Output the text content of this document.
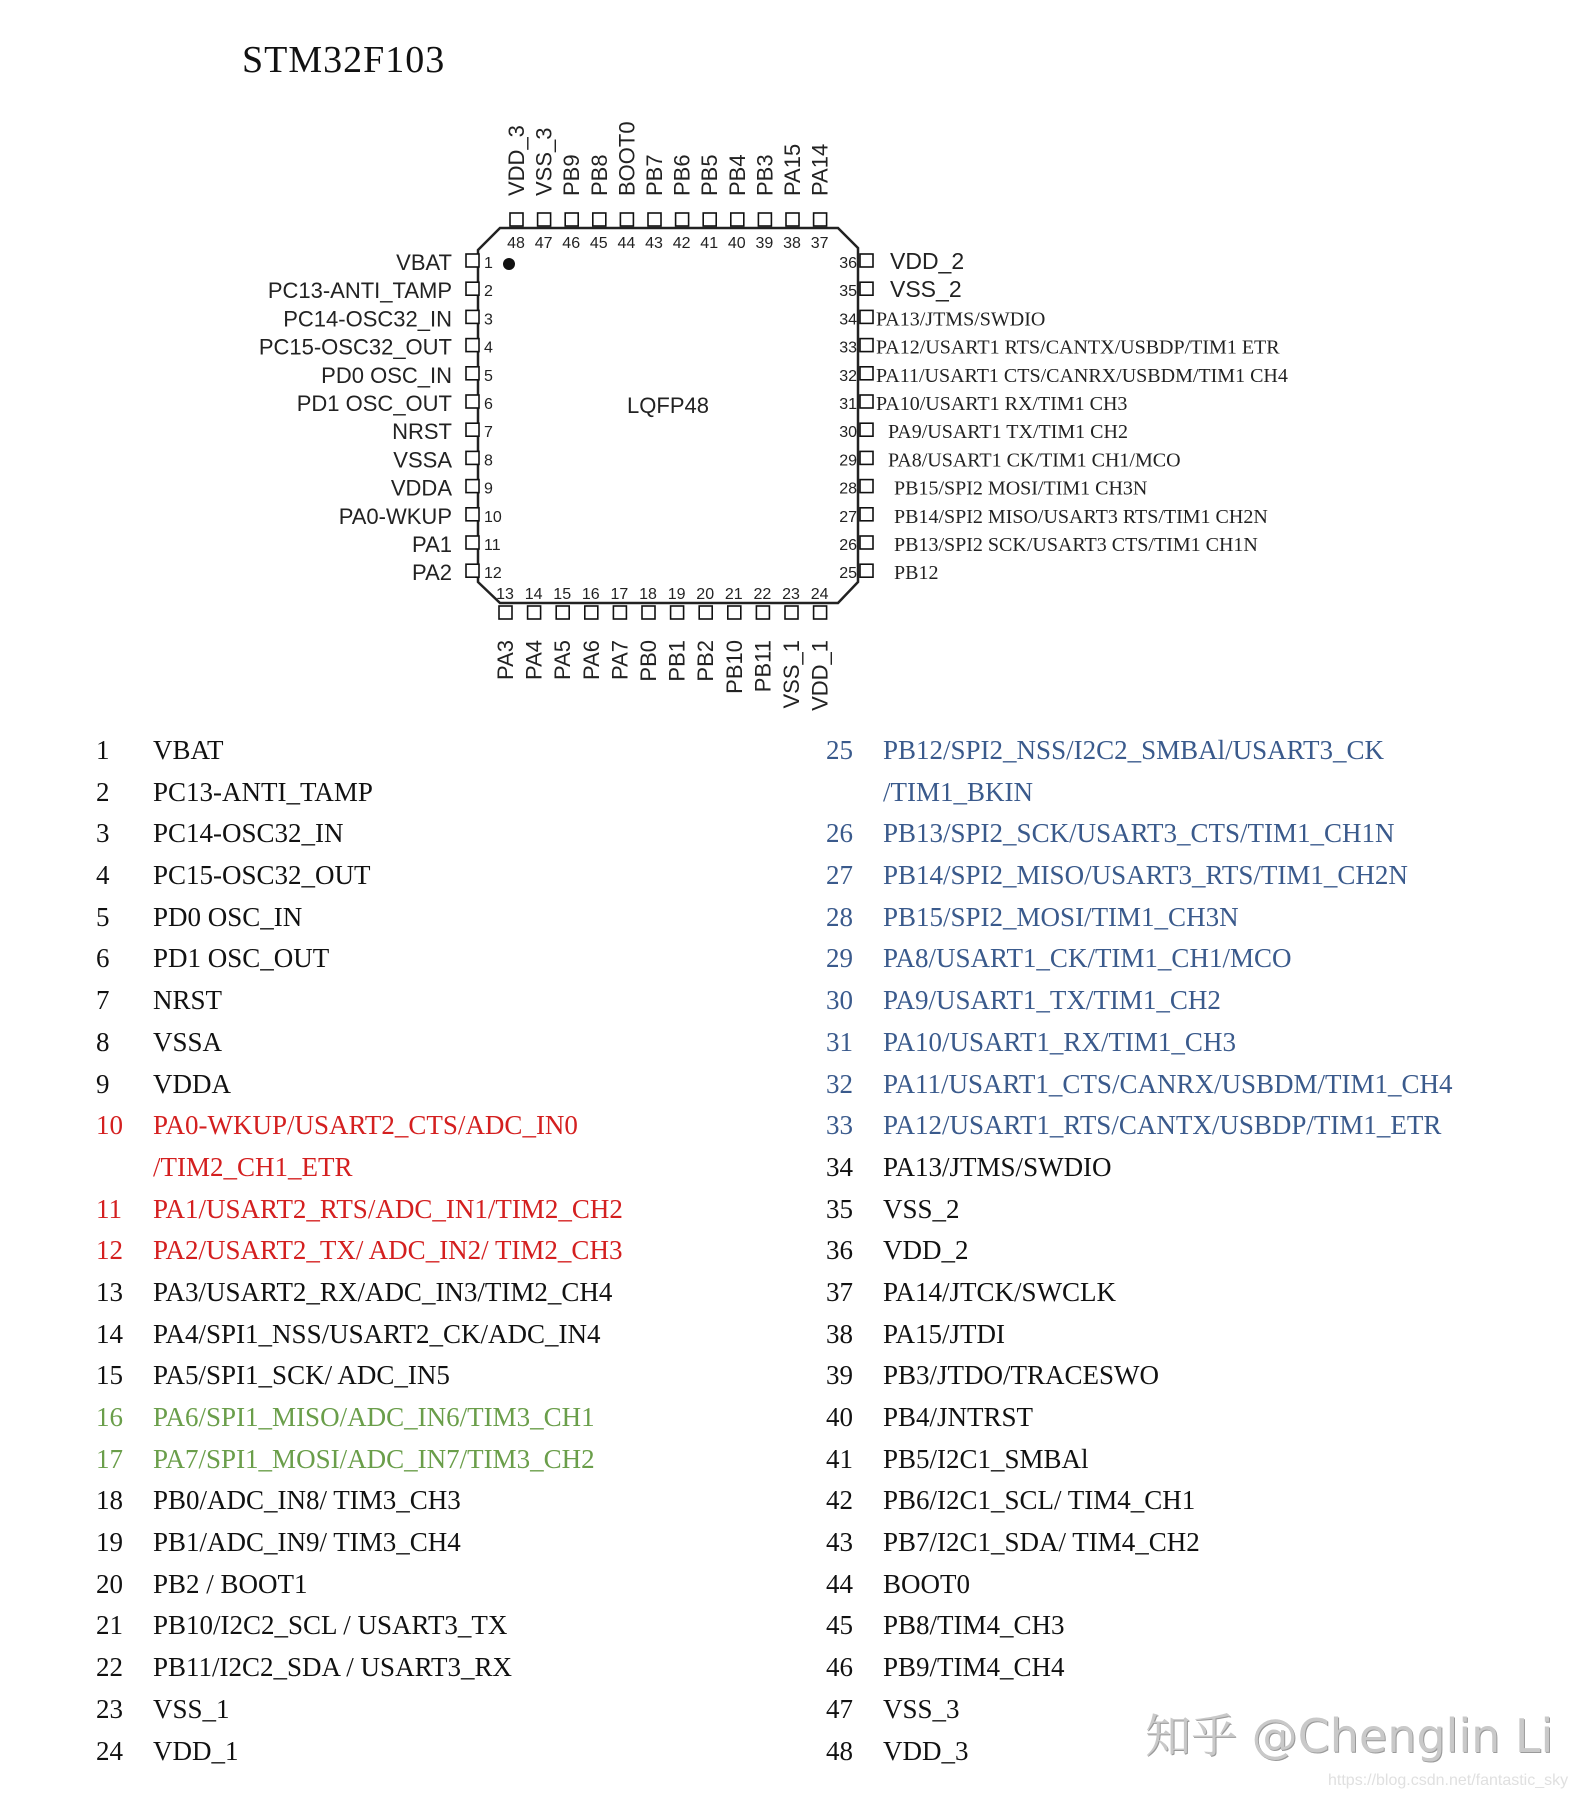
STM32F103
LQFP48
1
VBAT
2
PC13-ANTI_TAMP
3
PC14-OSC32_IN
4
PC15-OSC32_OUT
5
PD0 OSC_IN
6
PD1 OSC_OUT
7
NRST
8
VSSA
9
VDDA
10
PA0-WKUP
11
PA1
12
PA2
36 VDD_2
35 VSS_2
34 PA13/JTMS/SWDIO
33 PA12/USART1 RTS/CANTX/USBDP/TIM1 ETR
32 PA11/USART1 CTS/CANRX/USBDM/TIM1 CH4
31 PA10/USART1 RX/TIM1 CH3
30 PA9/USART1 TX/TIM1 CH2
29 PA8/USART1 CK/TIM1 CH1/MCO
28 PB15/SPI2 MOSI/TIM1 CH3N
27 PB14/SPI2 MISO/USART3 RTS/TIM1 CH2N
26 PB13/SPI2 SCK/USART3 CTS/TIM1 CH1N
25 PB12
48
VDD_3
47
VSS_3
46
PB9
45
PB8
44
BOOT0
43
PB7
42
PB6
41
PB5
40
PB4
39
PB3
38
PA15
37
PA14
13
PA3
14
PA4
15
PA5
16
PA6
17
PA7
18
PB0
19
PB1
20
PB2
21
PB10
22
PB11
23
VSS_1
24
VDD_1
1 VBAT
2 PC13-ANTI_TAMP
3 PC14-OSC32_IN
4 PC15-OSC32_OUT
5 PD0 OSC_IN
6 PD1 OSC_OUT
7 NRST
8 VSSA
9 VDDA
10 PA0-WKUP/USART2_CTS/ADC_IN0
/TIM2_CH1_ETR
11 PA1/USART2_RTS/ADC_IN1/TIM2_CH2
12 PA2/USART2_TX/ ADC_IN2/ TIM2_CH3
13 PA3/USART2_RX/ADC_IN3/TIM2_CH4
14 PA4/SPI1_NSS/USART2_CK/ADC_IN4
15 PA5/SPI1_SCK/ ADC_IN5
16 PA6/SPI1_MISO/ADC_IN6/TIM3_CH1
17 PA7/SPI1_MOSI/ADC_IN7/TIM3_CH2
18 PB0/ADC_IN8/ TIM3_CH3
19 PB1/ADC_IN9/ TIM3_CH4
20 PB2 / BOOT1
21 PB10/I2C2_SCL / USART3_TX
22 PB11/I2C2_SDA / USART3_RX
23 VSS_1
24 VDD_1
25 PB12/SPI2_NSS/I2C2_SMBAl/USART3_CK
/TIM1_BKIN
26 PB13/SPI2_SCK/USART3_CTS/TIM1_CH1N
27 PB14/SPI2_MISO/USART3_RTS/TIM1_CH2N
28 PB15/SPI2_MOSI/TIM1_CH3N
29 PA8/USART1_CK/TIM1_CH1/MCO
30 PA9/USART1_TX/TIM1_CH2
31 PA10/USART1_RX/TIM1_CH3
32 PA11/USART1_CTS/CANRX/USBDM/TIM1_CH4
33 PA12/USART1_RTS/CANTX/USBDP/TIM1_ETR
34 PA13/JTMS/SWDIO
35 VSS_2
36 VDD_2
37 PA14/JTCK/SWCLK
38 PA15/JTDI
39 PB3/JTDO/TRACESWO
40 PB4/JNTRST
41 PB5/I2C1_SMBAl
42 PB6/I2C1_SCL/ TIM4_CH1
43 PB7/I2C1_SDA/ TIM4_CH2
44 BOOT0
45 PB8/TIM4_CH3
46 PB9/TIM4_CH4
47 VSS_3
48 VDD_3	知乎 @Chenglin Li
https://blog.csdn.net/fantastic_sky
